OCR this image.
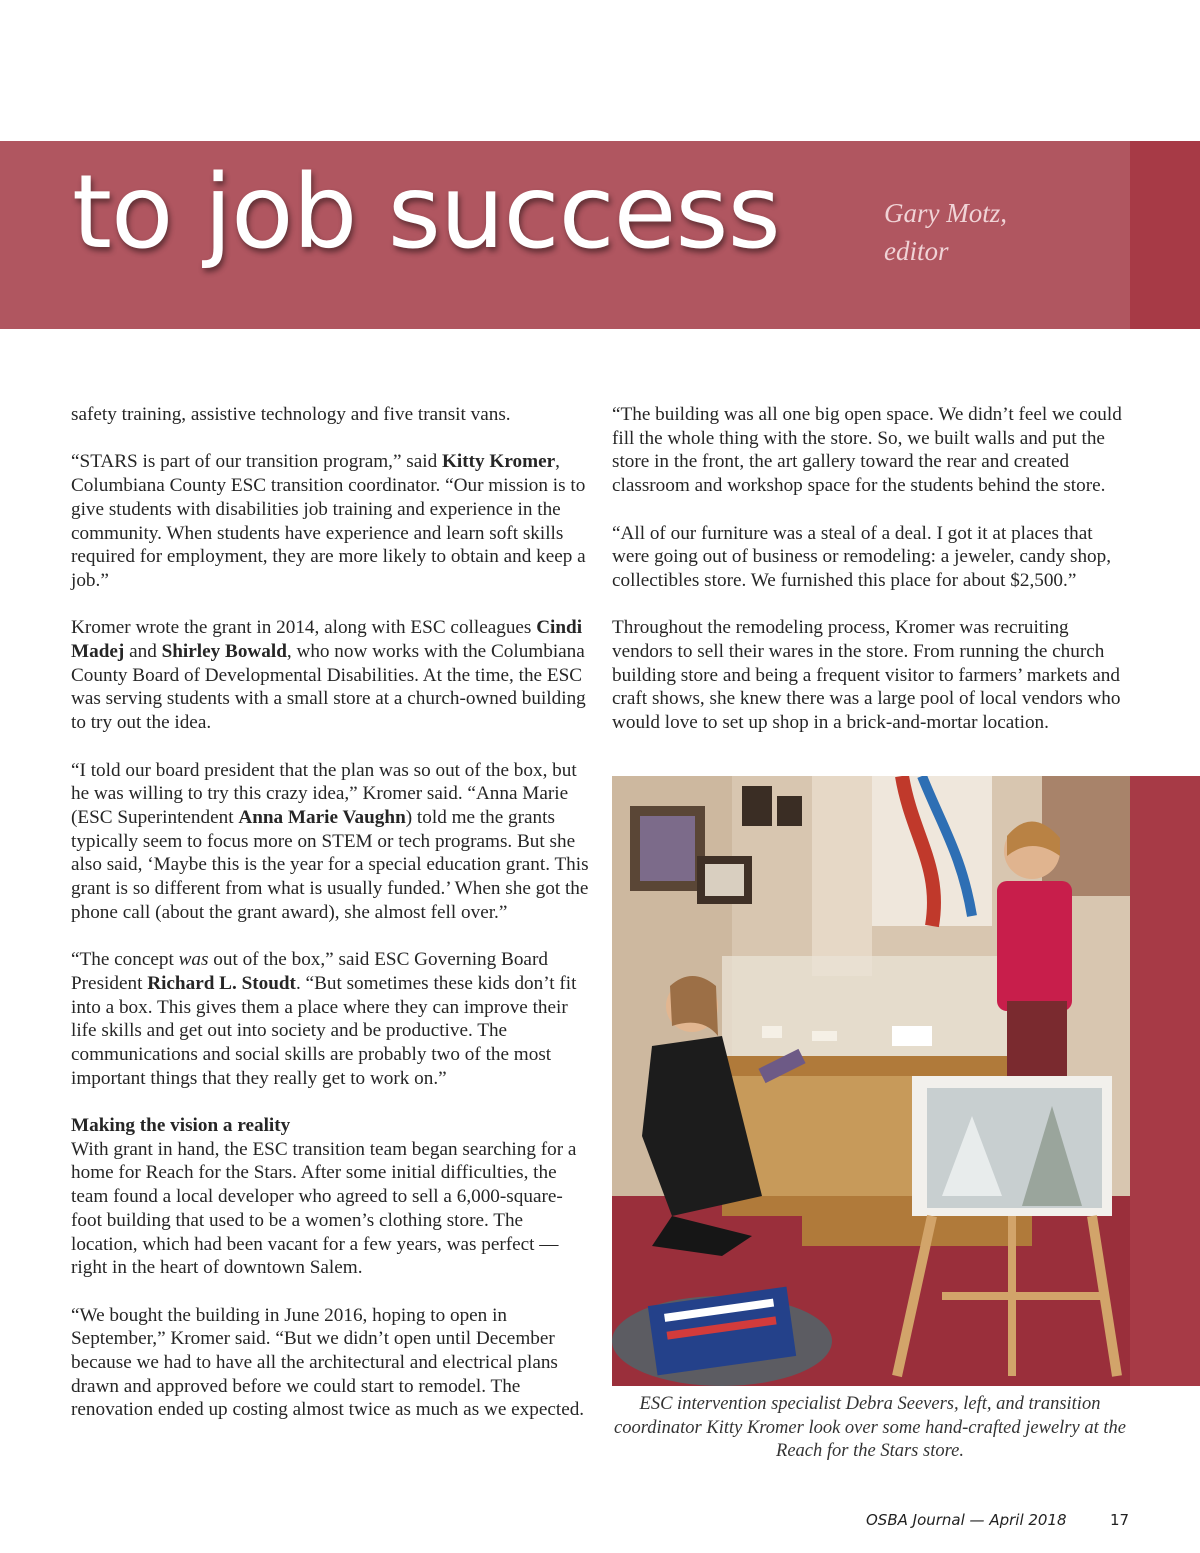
to job success	Gary Motz,
editor

safety training, assistive technology and five transit vans.

“STARS is part of our transition program,” said Kitty Kromer, Columbiana County ESC transition coordinator. “Our mission is to give students with disabilities job training and experience in the community. When students have experience and learn soft skills required for employment, they are more likely to obtain and keep a job.”

Kromer wrote the grant in 2014, along with ESC colleagues Cindi Madej and Shirley Bowald, who now works with the Columbiana County Board of Developmental Disabilities. At the time, the ESC was serving students with a small store at a church-owned building to try out the idea.

“I told our board president that the plan was so out of the box, but he was willing to try this crazy idea,” Kromer said. “Anna Marie (ESC Superintendent Anna Marie Vaughn) told me the grants typically seem to focus more on STEM or tech programs. But she also said, ‘Maybe this is the year for a special education grant. This grant is so different from what is usually funded.’ When she got the phone call (about the grant award), she almost fell over.”

“The concept was out of the box,” said ESC Governing Board President Richard L. Stoudt. “But sometimes these kids don’t fit into a box. This gives them a place where they can improve their life skills and get out into society and be productive. The communications and social skills are probably two of the most important things that they really get to work on.”

Making the vision a reality

With grant in hand, the ESC transition team began searching for a home for Reach for the Stars. After some initial difficulties, the team found a local developer who agreed to sell a 6,000-square-foot building that used to be a women’s clothing store. The location, which had been vacant for a few years, was perfect — right in the heart of downtown Salem.

“We bought the building in June 2016, hoping to open in September,” Kromer said. “But we didn’t open until December because we had to have all the architectural and electrical plans drawn and approved before we could start to remodel. The renovation ended up costing almost twice as much as we expected.

“The building was all one big open space. We didn’t feel we could fill the whole thing with the store. So, we built walls and put the store in the front, the art gallery toward the rear and created classroom and workshop space for the students behind the store.

“All of our furniture was a steal of a deal. I got it at places that were going out of business or remodeling: a jeweler, candy shop, collectibles store. We furnished this place for about $2,500.”

Throughout the remodeling process, Kromer was recruiting vendors to sell their wares in the store. From running the church building store and being a frequent visitor to farmers’ markets and craft shows, she knew there was a large pool of local vendors who would love to set up shop in a brick-and-mortar location.

ESC intervention specialist Debra Seevers, left, and transition coordinator Kitty Kromer look over some hand-crafted jewelry at the Reach for the Stars store.
OSBA Journal — April 2018	17
